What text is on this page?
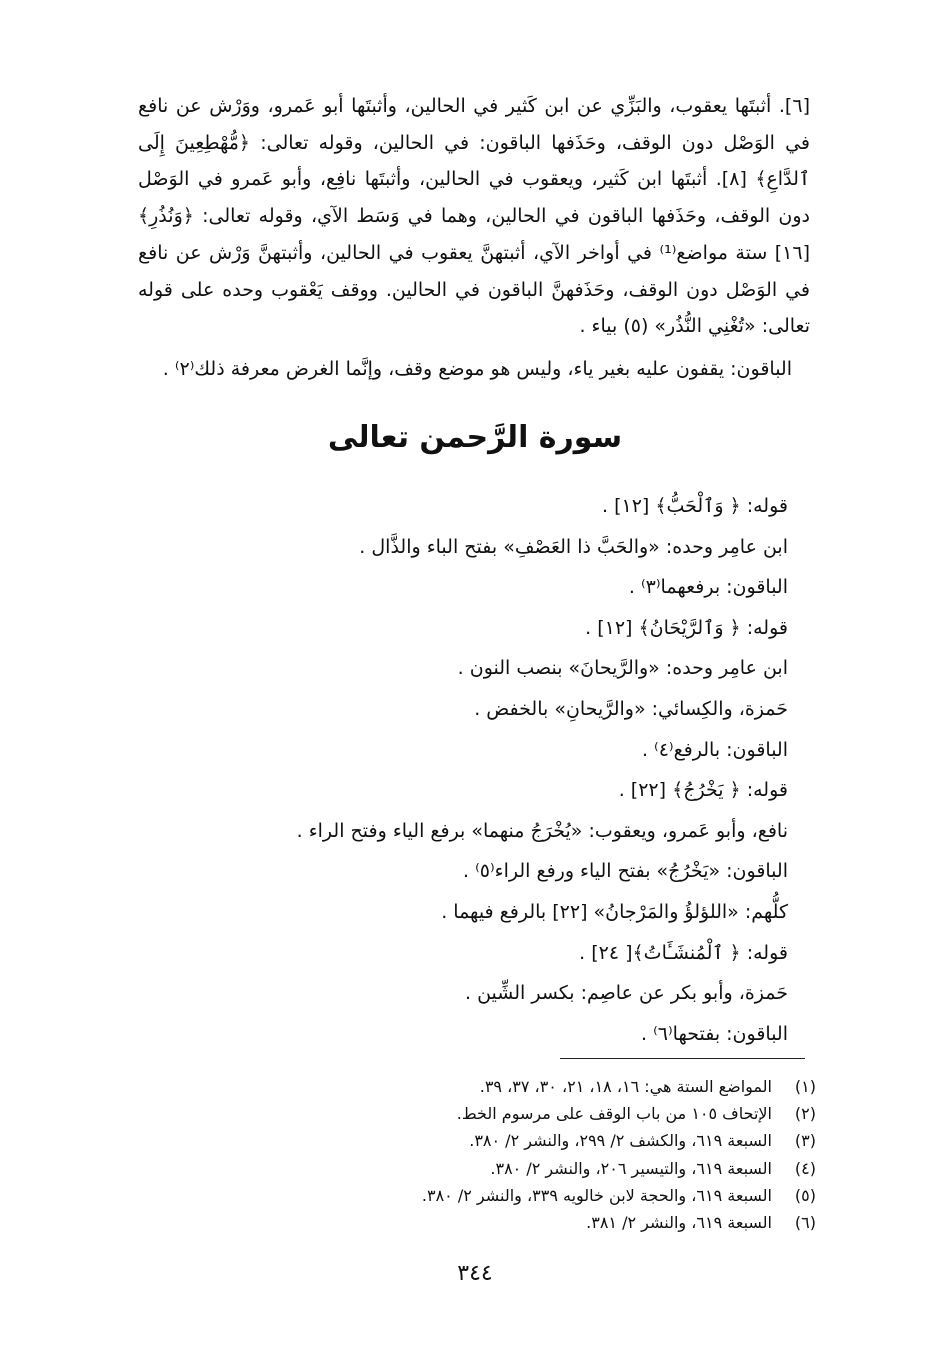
[٦]. أثبتَها يعقوب، والبَزِّي عن ابن كَثير في الحالين، وأثبتَها أبو عَمرو، ووَرْش عن نافع في الوَصْل دون الوقف، وحَذَفها الباقون: في الحالين، وقوله تعالى: ﴿مُّهْطِعِينَ إِلَى ٱلدَّاعِ﴾ [٨]. أثبتَها ابن كَثير، ويعقوب في الحالين، وأثبتَها نافِع، وأبو عَمرو في الوَصْل دون الوقف، وحَذَفها الباقون في الحالين، وهما في وَسَط الآي، وقوله تعالى: ﴿وَنُذُرِ﴾ [١٦] ستة مواضع⁽¹⁾ في أواخر الآي، أثبتهنَّ يعقوب في الحالين، وأثبتهنَّ وَرْش عن نافع في الوَصْل دون الوقف، وحَذَفهنَّ الباقون في الحالين. ووقف يَعْقوب وحده على قوله تعالى: «تُغْنِي النُّذُر» (٥) بياء .

الباقون: يقفون عليه بغير ياء، وليس هو موضع وقف، وإنَّما الغرض معرفة ذلك⁽٢⁾ .

سورة الرَّحمن تعالى
قوله: ﴿ وَٱلْحَبُّ﴾ [١٢] .
ابن عامِر وحده: «والحَبَّ ذا العَصْفِ» بفتح الباء والذَّال .
الباقون: برفعهما⁽٣⁾ .
قوله: ﴿ وَٱلرَّيْحَانُ﴾ [١٢] .
ابن عامِر وحده: «والرَّيحانَ» بنصب النون .
حَمزة، والكِسائي: «والرَّيحانِ» بالخفض .
الباقون: بالرفع⁽٤⁾ .
قوله: ﴿ يَخْرُجُ﴾ [٢٢] .
نافع، وأبو عَمرو، ويعقوب: «يُخْرَجُ منهما» برفع الياء وفتح الراء .
الباقون: «يَخْرُجُ» بفتح الياء ورفع الراء⁽٥⁾ .
كلُّهم: «اللؤلؤُ والمَرْجانُ» [٢٢] بالرفع فيهما .
قوله: ﴿ ٱلْمُنشَـَٔاتُ﴾[ ٢٤] .
حَمزة، وأبو بكر عن عاصِم: بكسر الشِّين .
الباقون: بفتحها⁽٦⁾ .
(١)المواضع الستة هي: ١٦، ١٨، ٢١، ٣٠، ٣٧، ٣٩.
(٢)الإتحاف ١٠٥ من باب الوقف على مرسوم الخط.
(٣)السبعة ٦١٩، والكشف ٢/ ٢٩٩، والنشر ٢/ ٣٨٠.
(٤)السبعة ٦١٩، والتيسير ٢٠٦، والنشر ٢/ ٣٨٠.
(٥)السبعة ٦١٩، والحجة لابن خالويه ٣٣٩، والنشر ٢/ ٣٨٠.
(٦)السبعة ٦١٩، والنشر ٢/ ٣٨١.

٣٤٤
